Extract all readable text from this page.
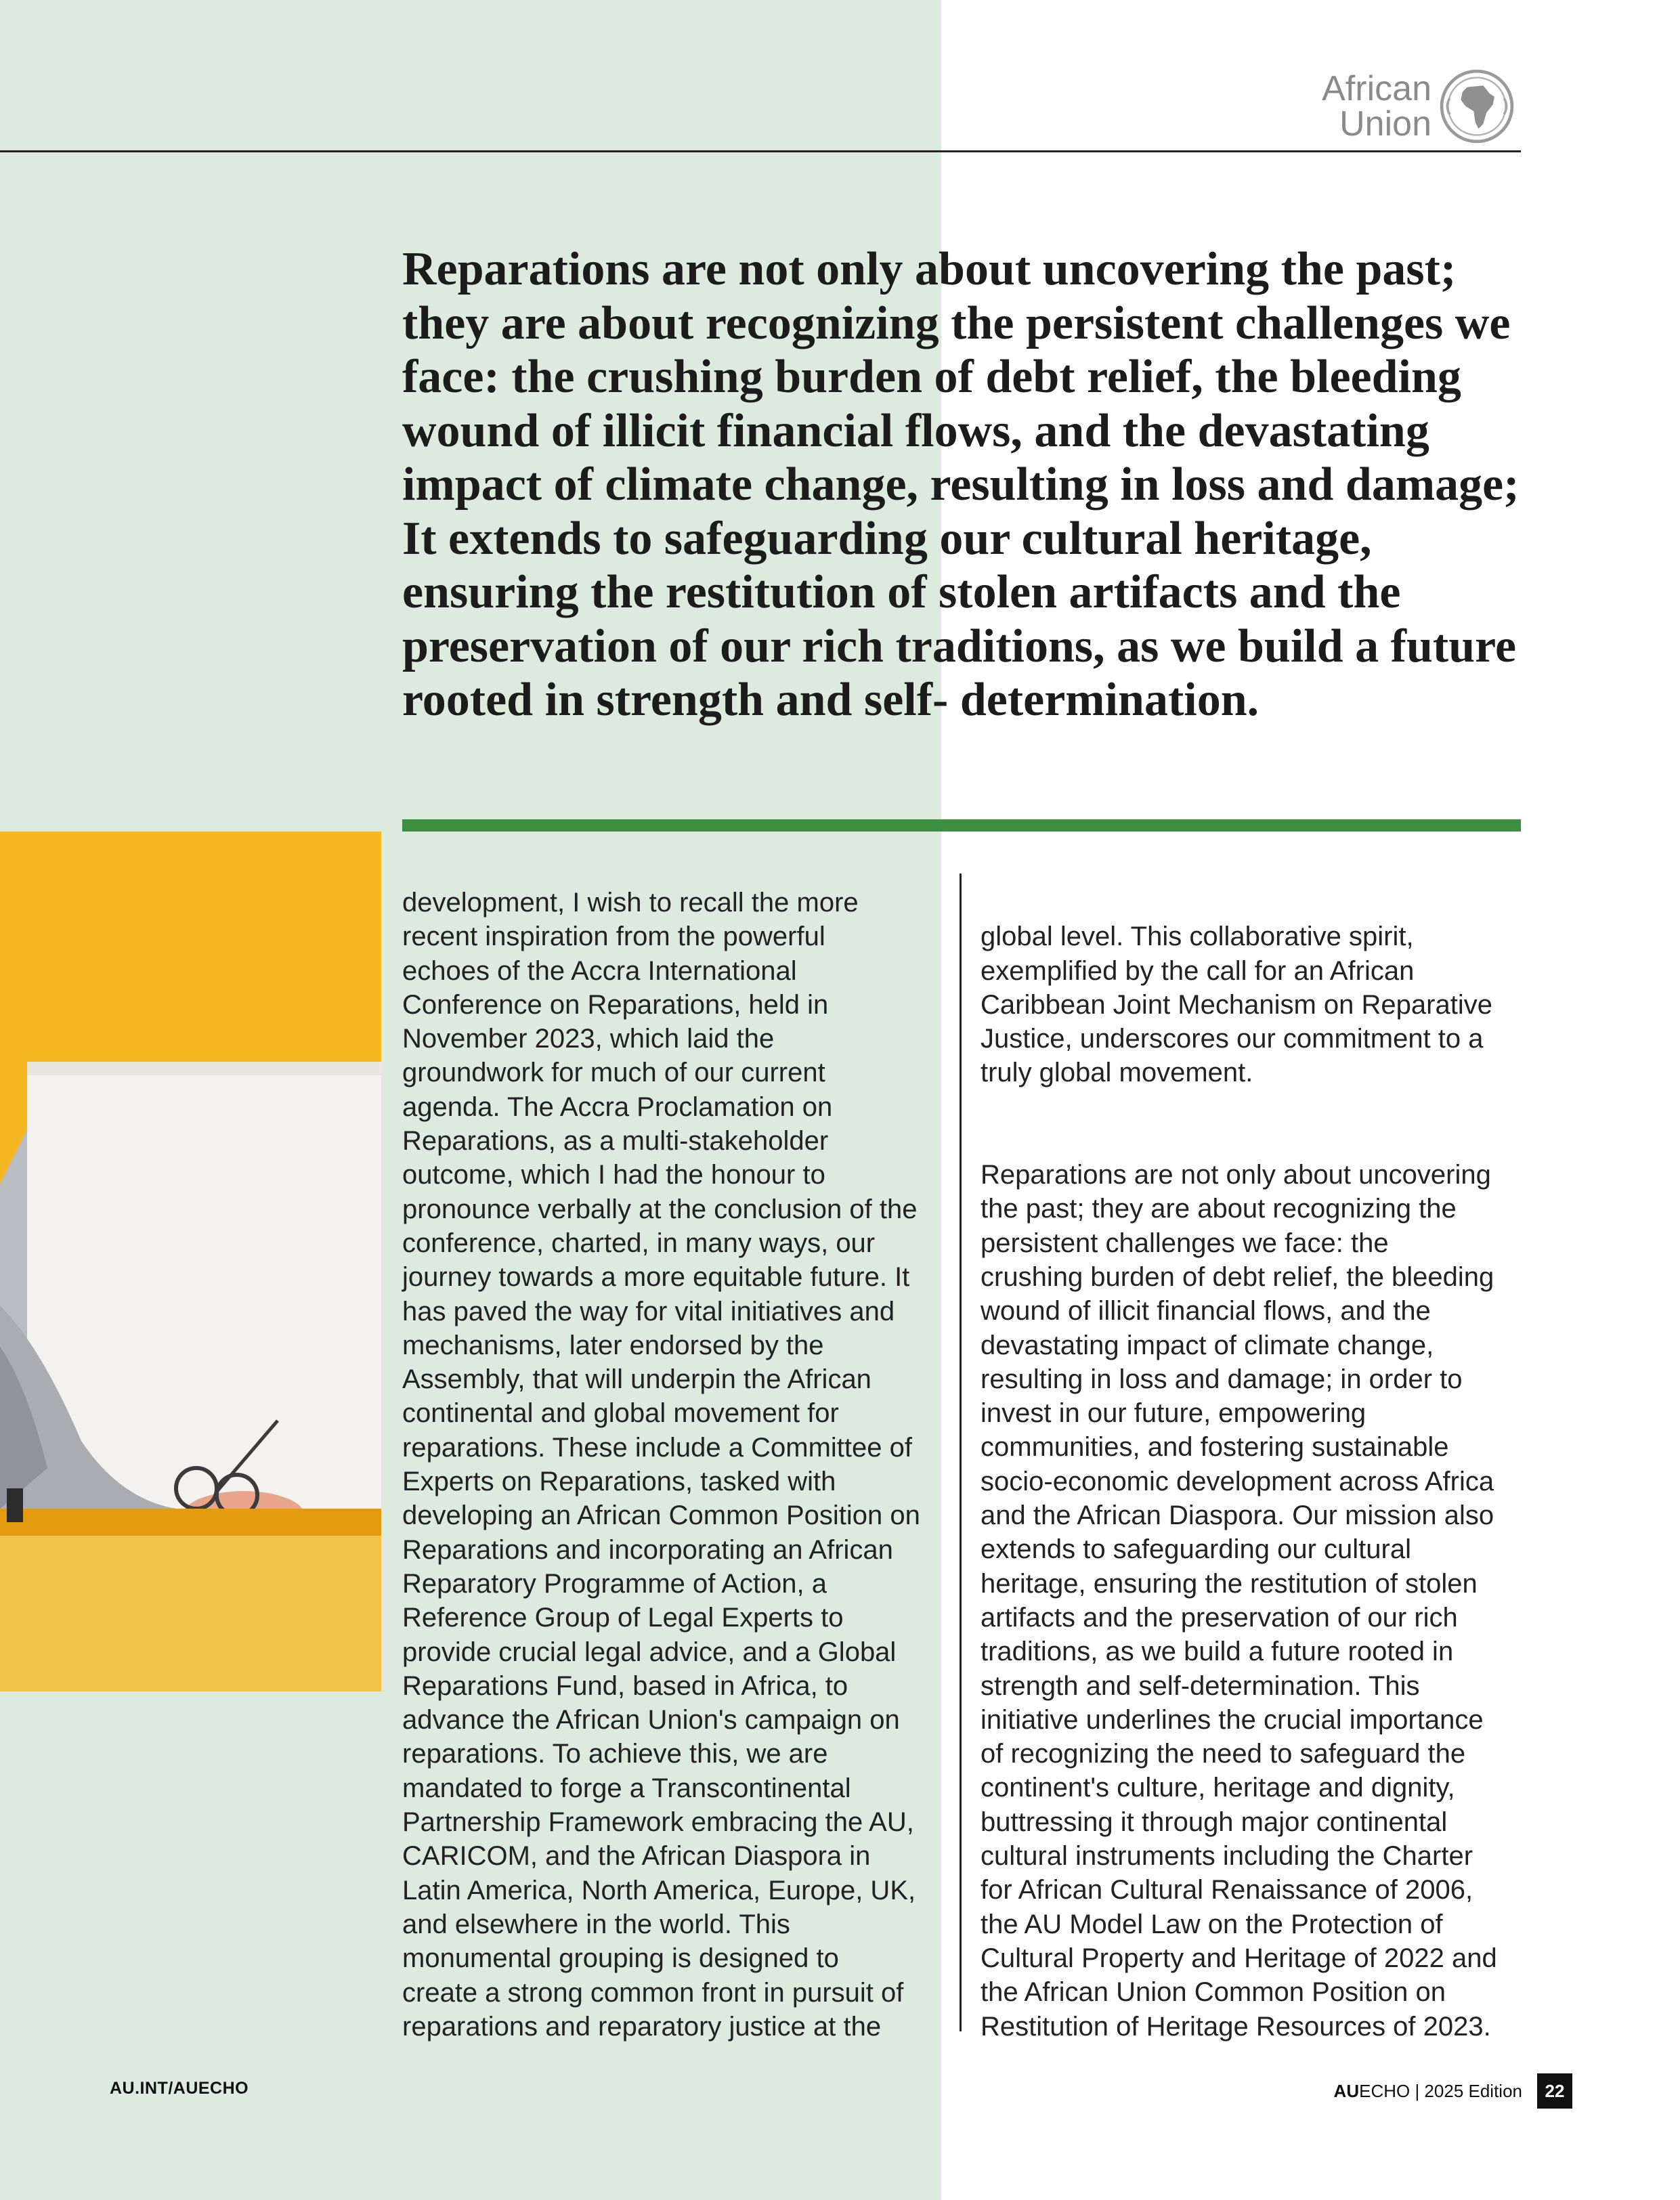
African
Union

Reparations are not only about uncovering the past; they are about recognizing the persistent challenges we face: the crushing burden of debt relief, the bleeding wound of illicit financial flows, and the devastating impact of climate change, resulting in loss and damage; It extends to safeguarding our cultural heritage, ensuring the restitution of stolen artifacts and the preservation of our rich traditions, as we build a future rooted in strength and self- determination.

development, I wish to recall the more
recent inspiration from the powerful
echoes of the Accra International
Conference on Reparations, held in
November 2023, which laid the
groundwork for much of our current
agenda. The Accra Proclamation on
Reparations, as a multi-stakeholder
outcome, which I had the honour to
pronounce verbally at the conclusion of the
conference, charted, in many ways, our
journey towards a more equitable future. It
has paved the way for vital initiatives and
mechanisms, later endorsed by the
Assembly, that will underpin the African
continental and global movement for
reparations. These include a Committee of
Experts on Reparations, tasked with
developing an African Common Position on
Reparations and incorporating an African
Reparatory Programme of Action, a
Reference Group of Legal Experts to
provide crucial legal advice, and a Global
Reparations Fund, based in Africa, to
advance the African Union's campaign on
reparations. To achieve this, we are
mandated to forge a Transcontinental
Partnership Framework embracing the AU,
CARICOM, and the African Diaspora in
Latin America, North America, Europe, UK,
and elsewhere in the world. This
monumental grouping is designed to
create a strong common front in pursuit of
reparations and reparatory justice at the

global level. This collaborative spirit,
exemplified by the call for an African
Caribbean Joint Mechanism on Reparative
Justice, underscores our commitment to a
truly global movement.

Reparations are not only about uncovering
the past; they are about recognizing the
persistent challenges we face: the
crushing burden of debt relief, the bleeding
wound of illicit financial flows, and the
devastating impact of climate change,
resulting in loss and damage; in order to
invest in our future, empowering
communities, and fostering sustainable
socio-economic development across Africa
and the African Diaspora. Our mission also
extends to safeguarding our cultural
heritage, ensuring the restitution of stolen
artifacts and the preservation of our rich
traditions, as we build a future rooted in
strength and self-determination. This
initiative underlines the crucial importance
of recognizing the need to safeguard the
continent's culture, heritage and dignity,
buttressing it through major continental
cultural instruments including the Charter
for African Cultural Renaissance of 2006,
the AU Model Law on the Protection of
Cultural Property and Heritage of 2022 and
the African Union Common Position on
Restitution of Heritage Resources of 2023.

AU.INT/AUECHO	AUECHO | 2025 Edition	22
